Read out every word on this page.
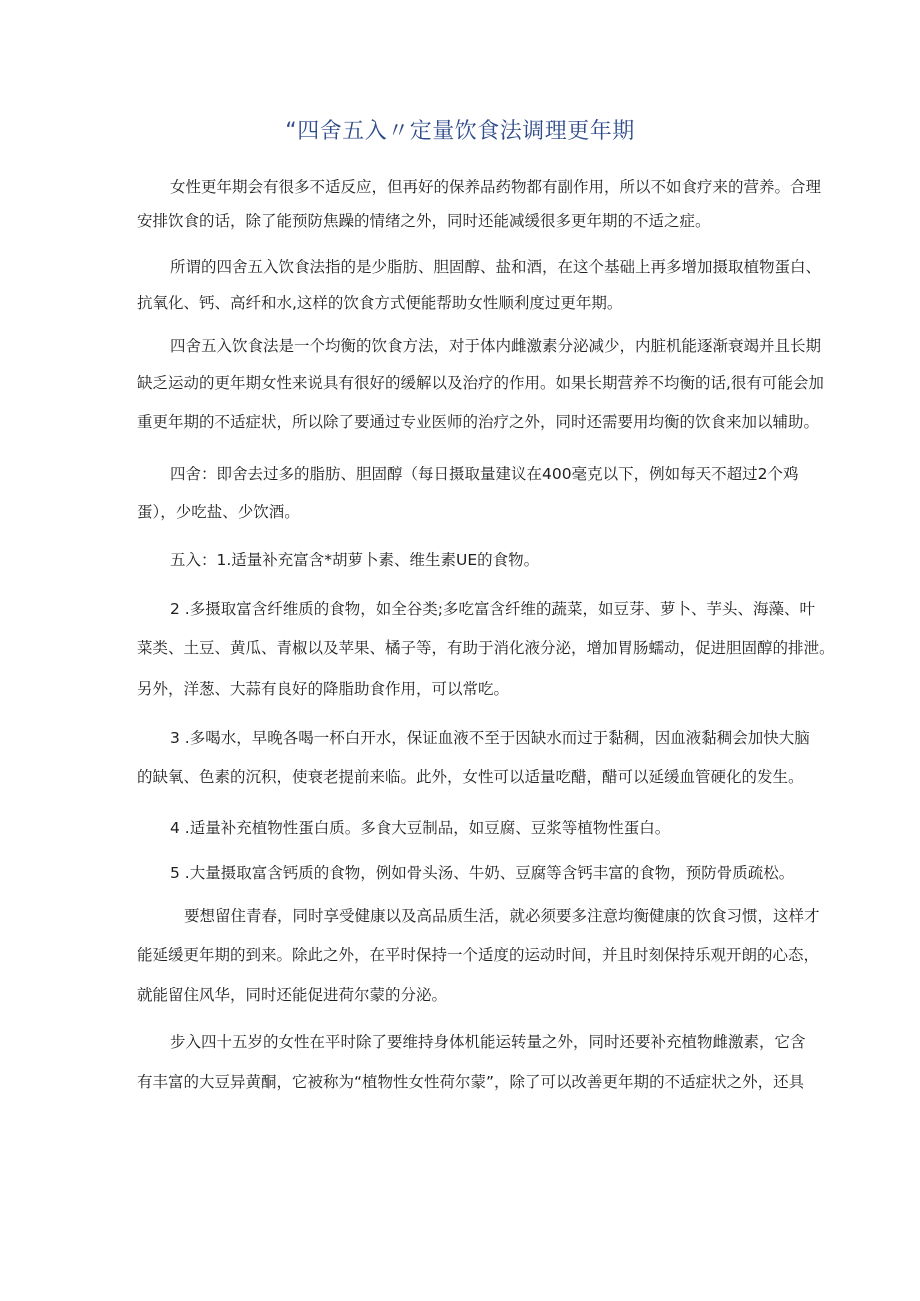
“四舍五入〃定量饮食法调理更年期
女性更年期会有很多不适反应，但再好的保养品药物都有副作用，所以不如食疗来的营养。合理
安排饮食的话，除了能预防焦躁的情绪之外，同时还能减缓很多更年期的不适之症。
所谓的四舍五入饮食法指的是少脂肪、胆固醇、盐和酒，在这个基础上再多增加摄取植物蛋白、
抗氧化、钙、高纤和水,这样的饮食方式便能帮助女性顺利度过更年期。
四舍五入饮食法是一个均衡的饮食方法，对于体内雌激素分泌减少，内脏机能逐渐衰竭并且长期
缺乏运动的更年期女性来说具有很好的缓解以及治疗的作用。如果长期营养不均衡的话,很有可能会加
重更年期的不适症状，所以除了要通过专业医师的治疗之外，同时还需要用均衡的饮食来加以辅助。
四舍：即舍去过多的脂肪、胆固醇（每日摄取量建议在400毫克以下，例如每天不超过2个鸡
蛋），少吃盐、少饮酒。
五入：1.适量补充富含*胡萝卜素、维生素UE的食物。
2 .多摄取富含纤维质的食物，如全谷类;多吃富含纤维的蔬菜，如豆芽、萝卜、芋头、海藻、叶
菜类、土豆、黄瓜、青椒以及苹果、橘子等，有助于消化液分泌，增加胃肠蠕动，促进胆固醇的排泄。
另外，洋葱、大蒜有良好的降脂助食作用，可以常吃。
3 .多喝水，早晚各喝一杯白开水，保证血液不至于因缺水而过于黏稠，因血液黏稠会加快大脑
的缺氧、色素的沉积，使衰老提前来临。此外，女性可以适量吃醋，醋可以延缓血管硬化的发生。
4 .适量补充植物性蛋白质。多食大豆制品，如豆腐、豆浆等植物性蛋白。
5 .大量摄取富含钙质的食物，例如骨头汤、牛奶、豆腐等含钙丰富的食物，预防骨质疏松。
要想留住青春，同时享受健康以及高品质生活，就必须要多注意均衡健康的饮食习惯，这样才
能延缓更年期的到来。除此之外，在平时保持一个适度的运动时间，并且时刻保持乐观开朗的心态，
就能留住风华，同时还能促进荷尔蒙的分泌。
步入四十五岁的女性在平时除了要维持身体机能运转量之外，同时还要补充植物雌激素，它含
有丰富的大豆异黄酮，它被称为“植物性女性荷尔蒙”，除了可以改善更年期的不适症状之外，还具
